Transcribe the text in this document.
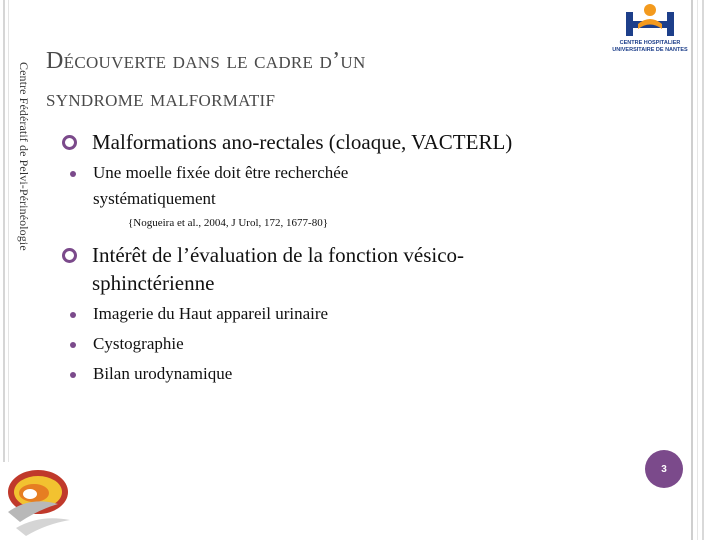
Centre Fédératif de Pelvi-Périnéologie
CENTRE HOSPITALIER
UNIVERSITAIRE DE NANTES
Découverte dans le cadre d’un
syndrome malformatif
Malformations ano-rectales (cloaque, VACTERL)
Une moelle fixée doit être recherchée
systématiquement
{Nogueira et al., 2004, J Urol, 172, 1677-80}
Intérêt de l’évaluation de la fonction vésico-
sphinctérienne
Imagerie du Haut appareil urinaire
Cystographie
Bilan urodynamique
3
